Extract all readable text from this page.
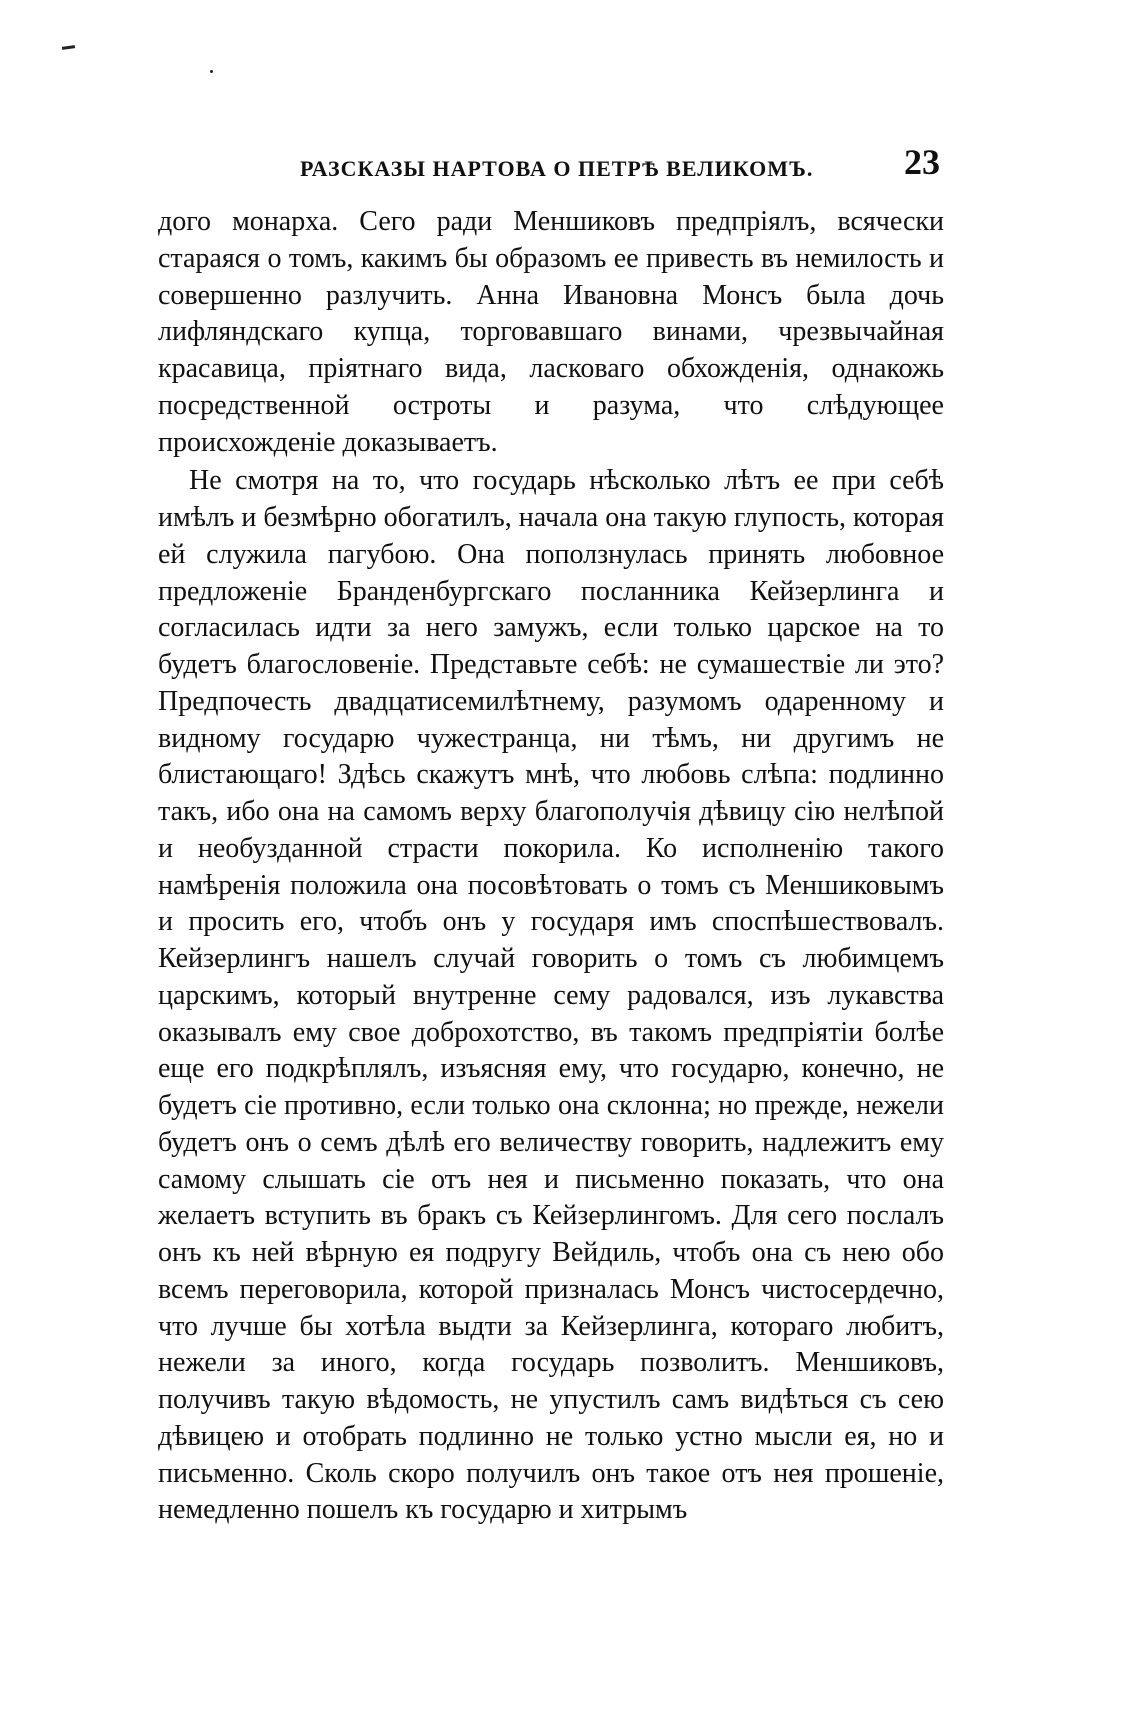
РАЗСКАЗЫ НАРТОВА О ПЕТРѢ ВЕЛИКОМЪ.	23

дого монарха. Сего ради Меншиковъ предпріялъ, всячески стараяся о томъ, какимъ бы образомъ ее привесть въ немилость и совершенно разлучить. Анна Ивановна Монсъ была дочь лифляндскаго купца, торговавшаго винами, чрезвычайная красавица, пріятнаго вида, ласковаго обхожденія, однакожь посредственной остроты и разума, что слѣдующее происхожденіе доказываетъ.

Не смотря на то, что государь нѣсколько лѣтъ ее при себѣ имѣлъ и безмѣрно обогатилъ, начала она такую глупость, которая ей служила пагубою. Она поползнулась принять любовное предложеніе Бранденбургскаго посланника Кейзерлинга и согласилась идти за него замужъ, если только царское на то будетъ благословеніе. Представьте себѣ: не сумашествіе ли это? Предпочесть двадцатисемилѣтнему, разумомъ одаренному и видному государю чужестранца, ни тѣмъ, ни другимъ не блистающаго! Здѣсь скажутъ мнѣ, что любовь слѣпа: подлинно такъ, ибо она на самомъ верху благополучія дѣвицу сію нелѣпой и необузданной страсти покорила. Ко исполненію такого намѣренія положила она посовѣтовать о томъ съ Меншиковымъ и просить его, чтобъ онъ у государя имъ споспѣшествовалъ. Кейзерлингъ нашелъ случай говорить о томъ съ любимцемъ царскимъ, который внутренне сему радовался, изъ лукавства оказывалъ ему свое доброхотство, въ такомъ предпріятіи болѣе еще его подкрѣплялъ, изъясняя ему, что государю, конечно, не будетъ сіе противно, если только она склонна; но прежде, нежели будетъ онъ о семъ дѣлѣ его величеству говорить, надлежитъ ему самому слышать сіе отъ нея и письменно показать, что она желаетъ вступить въ бракъ съ Кейзерлингомъ. Для сего послалъ онъ къ ней вѣрную ея подругу Вейдиль, чтобъ она съ нею обо всемъ переговорила, которой призналась Монсъ чистосердечно, что лучше бы хотѣла выдти за Кейзерлинга, котораго любитъ, нежели за иного, когда государь позволитъ. Меншиковъ, получивъ такую вѣдомость, не упустилъ самъ видѣться съ сею дѣвицею и отобрать подлинно не только устно мысли ея, но и письменно. Сколь скоро получилъ онъ такое отъ нея прошеніе, немедленно пошелъ къ государю и хитрымъ
